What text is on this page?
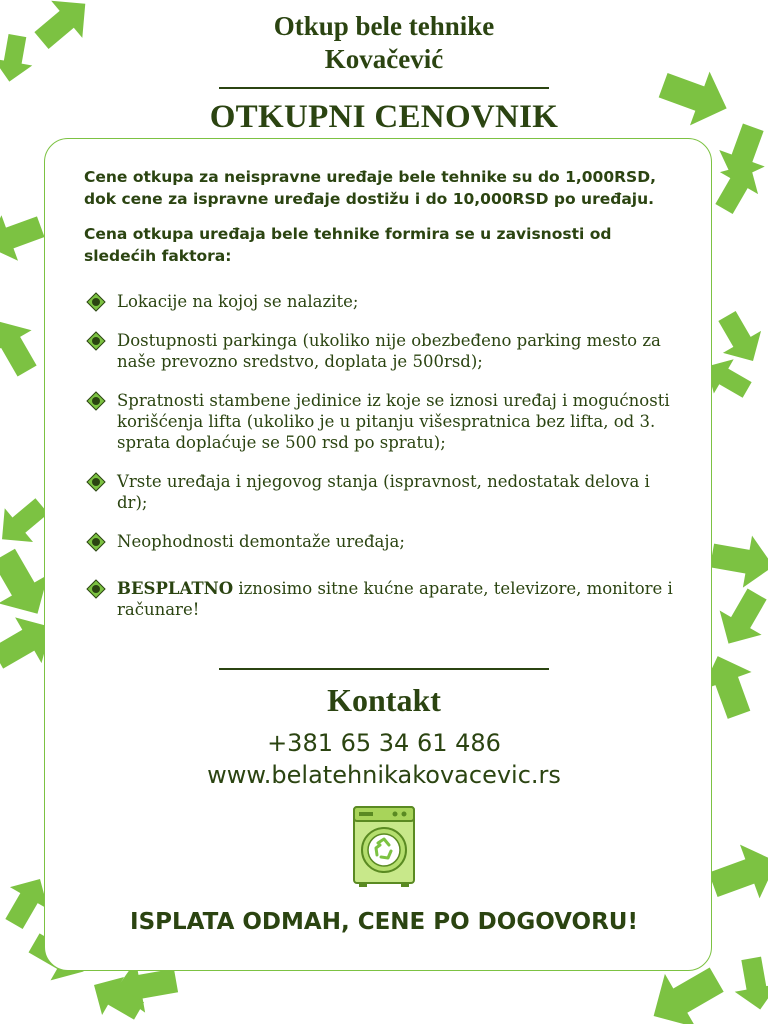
Otkup bele tehnike
Kovačević
OTKUPNI CENOVNIK

Cene otkupa za neispravne uređaje bele tehnike su do 1,000RSD, dok cene za ispravne uređaje dostižu i do 10,000RSD po uređaju.

Cena otkupa uređaja bele tehnike formira se u zavisnosti od sledećih faktora:

Lokacije na kojoj se nalazite;
Dostupnosti parkinga (ukoliko nije obezbeđeno parking mesto za naše prevozno sredstvo, doplata je 500rsd);
Spratnosti stambene jedinice iz koje se iznosi uređaj i mogućnosti korišćenja lifta (ukoliko je u pitanju višespratnica bez lifta, od 3. sprata doplaćuje se 500 rsd po spratu);
Vrste uređaja i njegovog stanja (ispravnost, nedostatak delova i dr);
Neophodnosti demontaže uređaja;
BESPLATNO iznosimo sitne kućne aparate, televizore, monitore i računare!
Kontakt
+381 65 34 61 486
www.belatehnikakovacevic.rs
ISPLATA ODMAH, CENE PO DOGOVORU!
